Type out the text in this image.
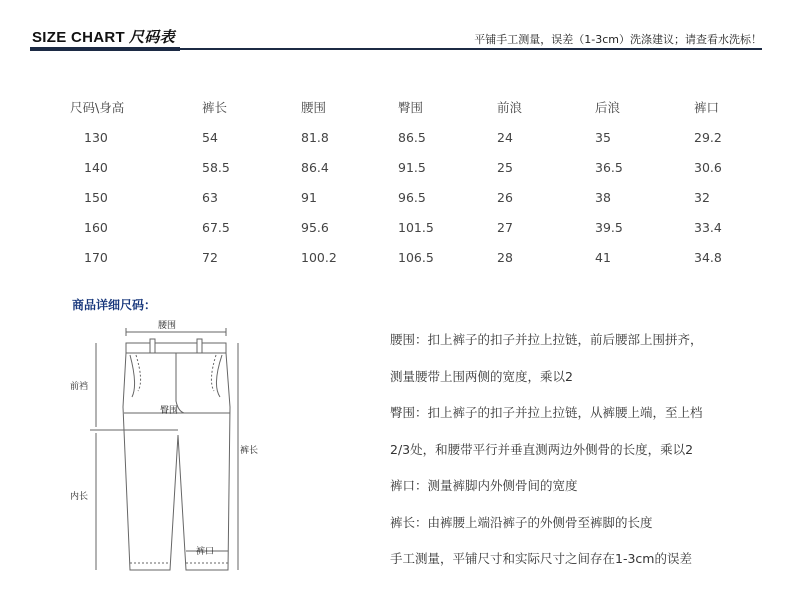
SIZE CHART 尺码表	平铺手工测量，误差（1-3cm）洗涤建议；请查看水洗标！
尺码\身高	裤长	腰围	臀围	前浪	后浪	裤口
130	54	81.8	86.5	24	35	29.2
140	58.5	86.4	91.5	25	36.5	30.6
150	63	91	96.5	26	38	32
160	67.5	95.6	101.5	27	39.5	33.4
170	72	100.2	106.5	28	41	34.8
商品详细尺码：
腰围
前裆
臀围
裤长
内长
裤口
腰围：扣上裤子的扣子并拉上拉链，前后腰部上围拼齐，
测量腰带上围两侧的宽度，乘以2
臀围：扣上裤子的扣子并拉上拉链，从裤腰上端，至上档
2/3处，和腰带平行并垂直测两边外侧骨的长度，乘以2
裤口：测量裤脚内外侧骨间的宽度
裤长：由裤腰上端沿裤子的外侧骨至裤脚的长度
手工测量，平铺尺寸和实际尺寸之间存在1-3cm的误差
